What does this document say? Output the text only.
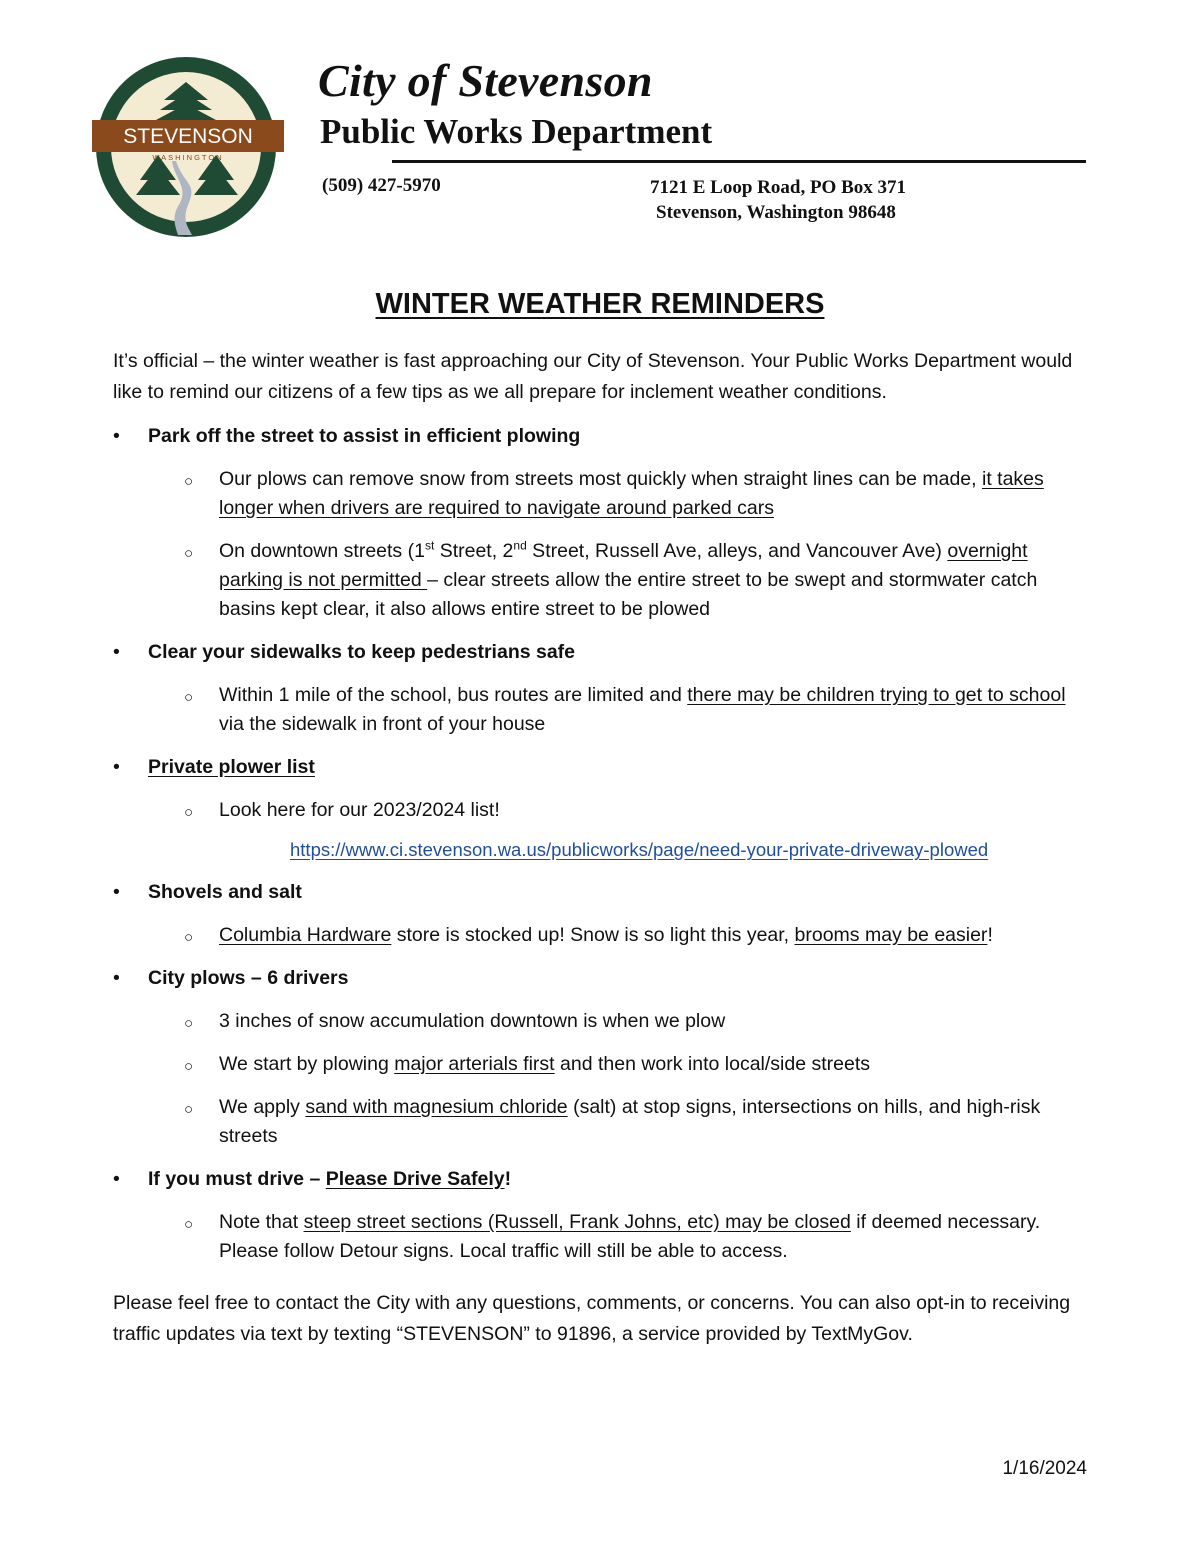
STEVENSON
WASHINGTON
City of Stevenson
Public Works Department
(509) 427-5970	7121 E Loop Road, PO Box 371
Stevenson, Washington 98648
WINTER WEATHER REMINDERS

It’s official – the winter weather is fast approaching our City of Stevenson. Your Public Works Department would like to remind our citizens of a few tips as we all prepare for inclement weather conditions.

• Park off the street to assist in efficient plowing
○ Our plows can remove snow from streets most quickly when straight lines can be made, it takes longer when drivers are required to navigate around parked cars
○ On downtown streets (1st Street, 2nd Street, Russell Ave, alleys, and Vancouver Ave) overnight parking is not permitted – clear streets allow the entire street to be swept and stormwater catch basins kept clear, it also allows entire street to be plowed
• Clear your sidewalks to keep pedestrians safe
○ Within 1 mile of the school, bus routes are limited and there may be children trying to get to school via the sidewalk in front of your house
• Private plower list
○ Look here for our 2023/2024 list!
https://www.ci.stevenson.wa.us/publicworks/page/need-your-private-driveway-plowed
• Shovels and salt
○ Columbia Hardware store is stocked up! Snow is so light this year, brooms may be easier!
• City plows – 6 drivers
○ 3 inches of snow accumulation downtown is when we plow
○ We start by plowing major arterials first and then work into local/side streets
○ We apply sand with magnesium chloride (salt) at stop signs, intersections on hills, and high-risk streets
• If you must drive – Please Drive Safely!
○ Note that steep street sections (Russell, Frank Johns, etc) may be closed if deemed necessary. Please follow Detour signs. Local traffic will still be able to access.

Please feel free to contact the City with any questions, comments, or concerns. You can also opt-in to receiving traffic updates via text by texting “STEVENSON” to 91896, a service provided by TextMyGov.

1/16/2024
